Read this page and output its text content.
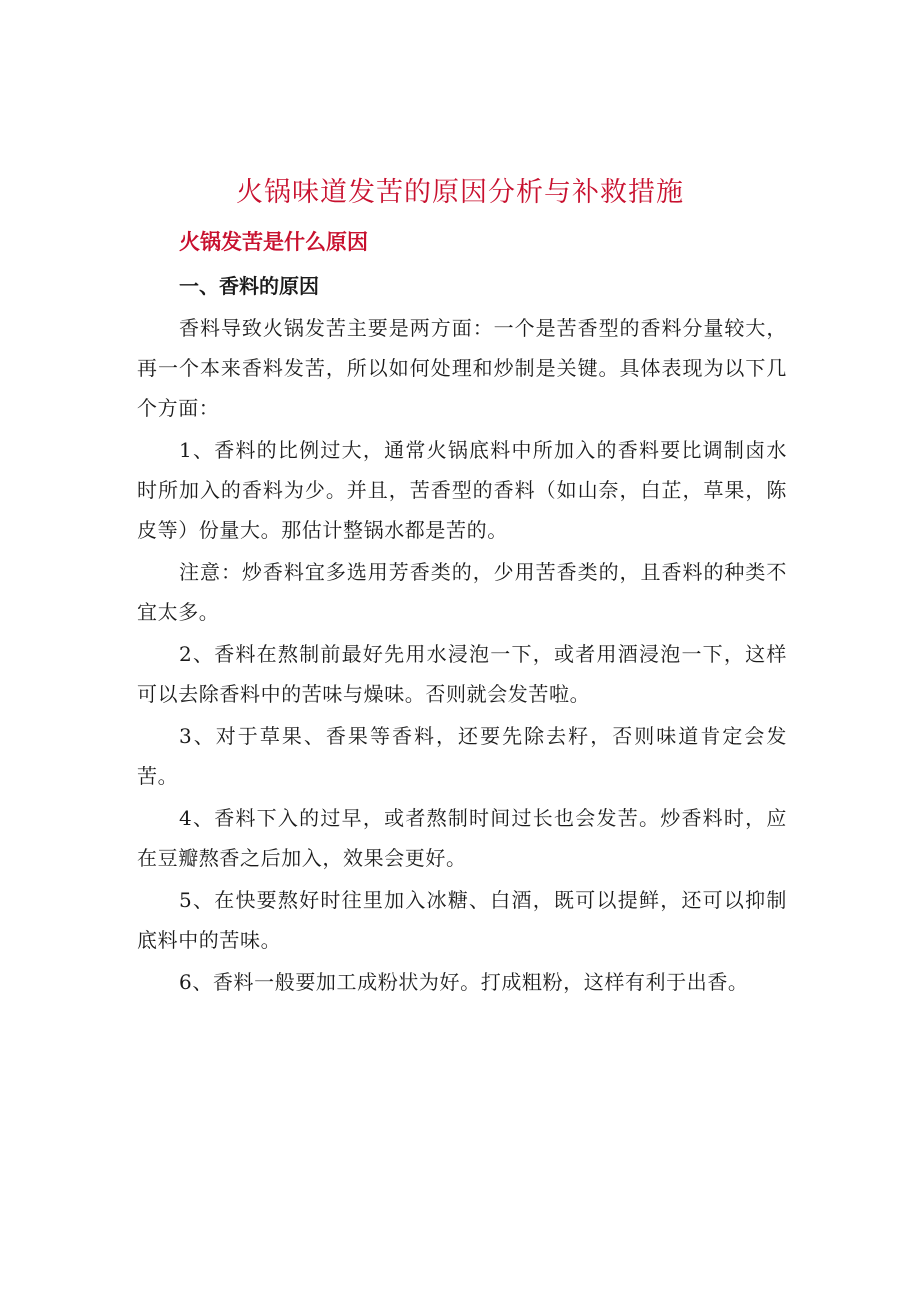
火锅味道发苦的原因分析与补救措施
火锅发苦是什么原因
一、香料的原因

香料导致火锅发苦主要是两方面：一个是苦香型的香料分量较大，再一个本来香料发苦，所以如何处理和炒制是关键。具体表现为以下几个方面：

1、香料的比例过大，通常火锅底料中所加入的香料要比调制卤水时所加入的香料为少。并且，苦香型的香料（如山奈，白芷，草果，陈皮等）份量大。那估计整锅水都是苦的。

注意：炒香料宜多选用芳香类的，少用苦香类的，且香料的种类不宜太多。

2、香料在熬制前最好先用水浸泡一下，或者用酒浸泡一下，这样可以去除香料中的苦味与燥味。否则就会发苦啦。

3、对于草果、香果等香料，还要先除去籽，否则味道肯定会发苦。

4、香料下入的过早，或者熬制时间过长也会发苦。炒香料时，应在豆瓣熬香之后加入，效果会更好。

5、在快要熬好时往里加入冰糖、白酒，既可以提鲜，还可以抑制底料中的苦味。

6、香料一般要加工成粉状为好。打成粗粉，这样有利于出香。
